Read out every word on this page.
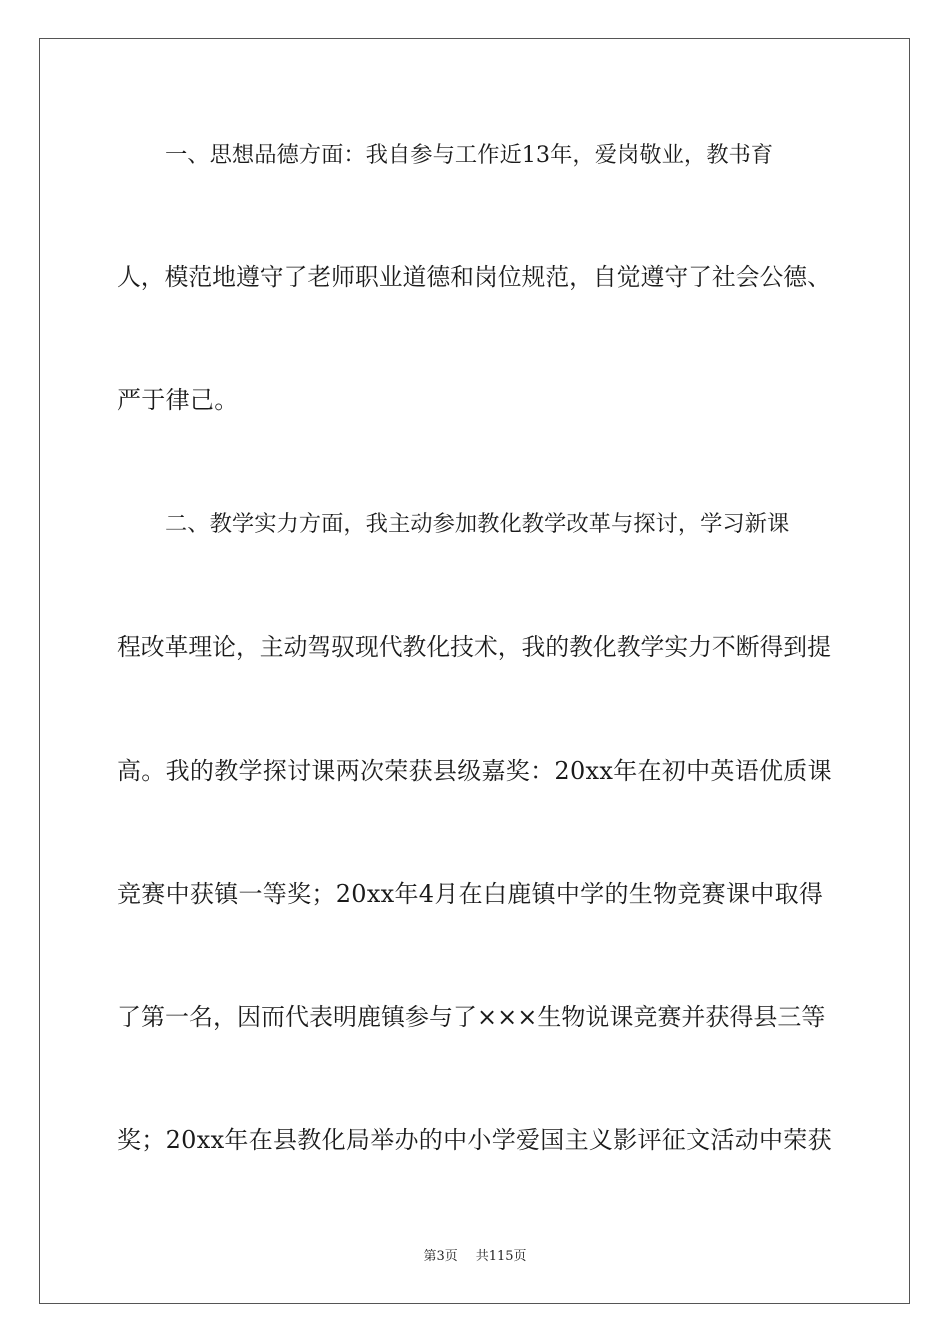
一、思想品德方面：我自参与工作近13年，爱岗敬业，教书育
人，模范地遵守了老师职业道德和岗位规范，自觉遵守了社会公德、
严于律己。
二、教学实力方面，我主动参加教化教学改革与探讨，学习新课
程改革理论，主动驾驭现代教化技术，我的教化教学实力不断得到提
高。我的教学探讨课两次荣获县级嘉奖：20xx年在初中英语优质课
竞赛中获镇一等奖；20xx年4月在白鹿镇中学的生物竞赛课中取得
了第一名，因而代表明鹿镇参与了×××生物说课竞赛并获得县三等
奖；20xx年在县教化局举办的中小学爱国主义影评征文活动中荣获
第3页 共115页
